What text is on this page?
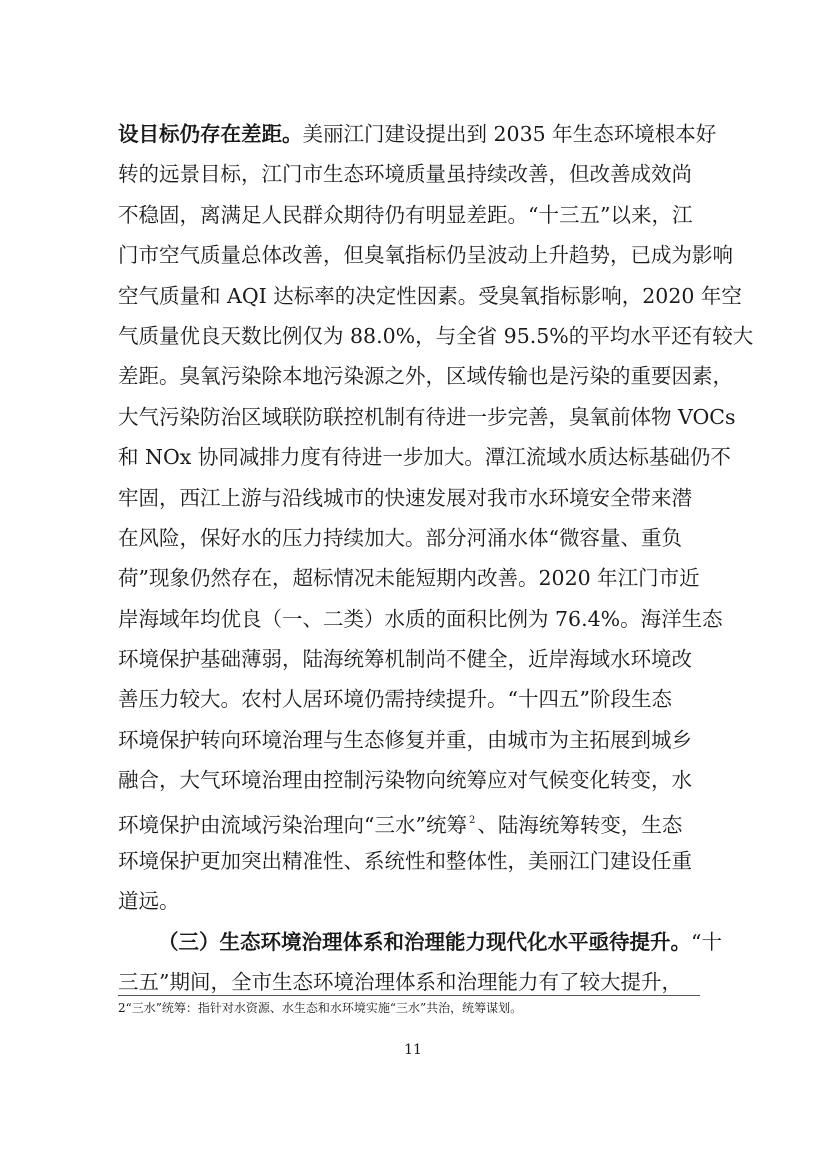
设目标仍存在差距。美丽江门建设提出到 2035 年生态环境根本好
转的远景目标，江门市生态环境质量虽持续改善，但改善成效尚
不稳固，离满足人民群众期待仍有明显差距。“十三五”以来，江
门市空气质量总体改善，但臭氧指标仍呈波动上升趋势，已成为影响
空气质量和 AQI 达标率的决定性因素。受臭氧指标影响，2020 年空
气质量优良天数比例仅为 88.0%，与全省 95.5%的平均水平还有较大
差距。臭氧污染除本地污染源之外，区域传输也是污染的重要因素，
大气污染防治区域联防联控机制有待进一步完善，臭氧前体物 VOCs
和 NOx 协同减排力度有待进一步加大。潭江流域水质达标基础仍不
牢固，西江上游与沿线城市的快速发展对我市水环境安全带来潜
在风险，保好水的压力持续加大。部分河涌水体“微容量、重负
荷”现象仍然存在，超标情况未能短期内改善。2020 年江门市近
岸海域年均优良（一、二类）水质的面积比例为 76.4%。海洋生态
环境保护基础薄弱，陆海统筹机制尚不健全，近岸海域水环境改
善压力较大。农村人居环境仍需持续提升。“十四五”阶段生态
环境保护转向环境治理与生态修复并重，由城市为主拓展到城乡
融合，大气环境治理由控制污染物向统筹应对气候变化转变，水
环境保护由流域污染治理向“三水”统筹 $^2$、陆海统筹转变，生态
环境保护更加突出精准性、系统性和整体性，美丽江门建设任重
道远。
（三）生态环境治理体系和治理能力现代化水平亟待提升。“十
三五”期间，全市生态环境治理体系和治理能力有了较大提升，
2“三水”统筹：指针对水资源、水生态和水环境实施“三水”共治，统筹谋划。
11
